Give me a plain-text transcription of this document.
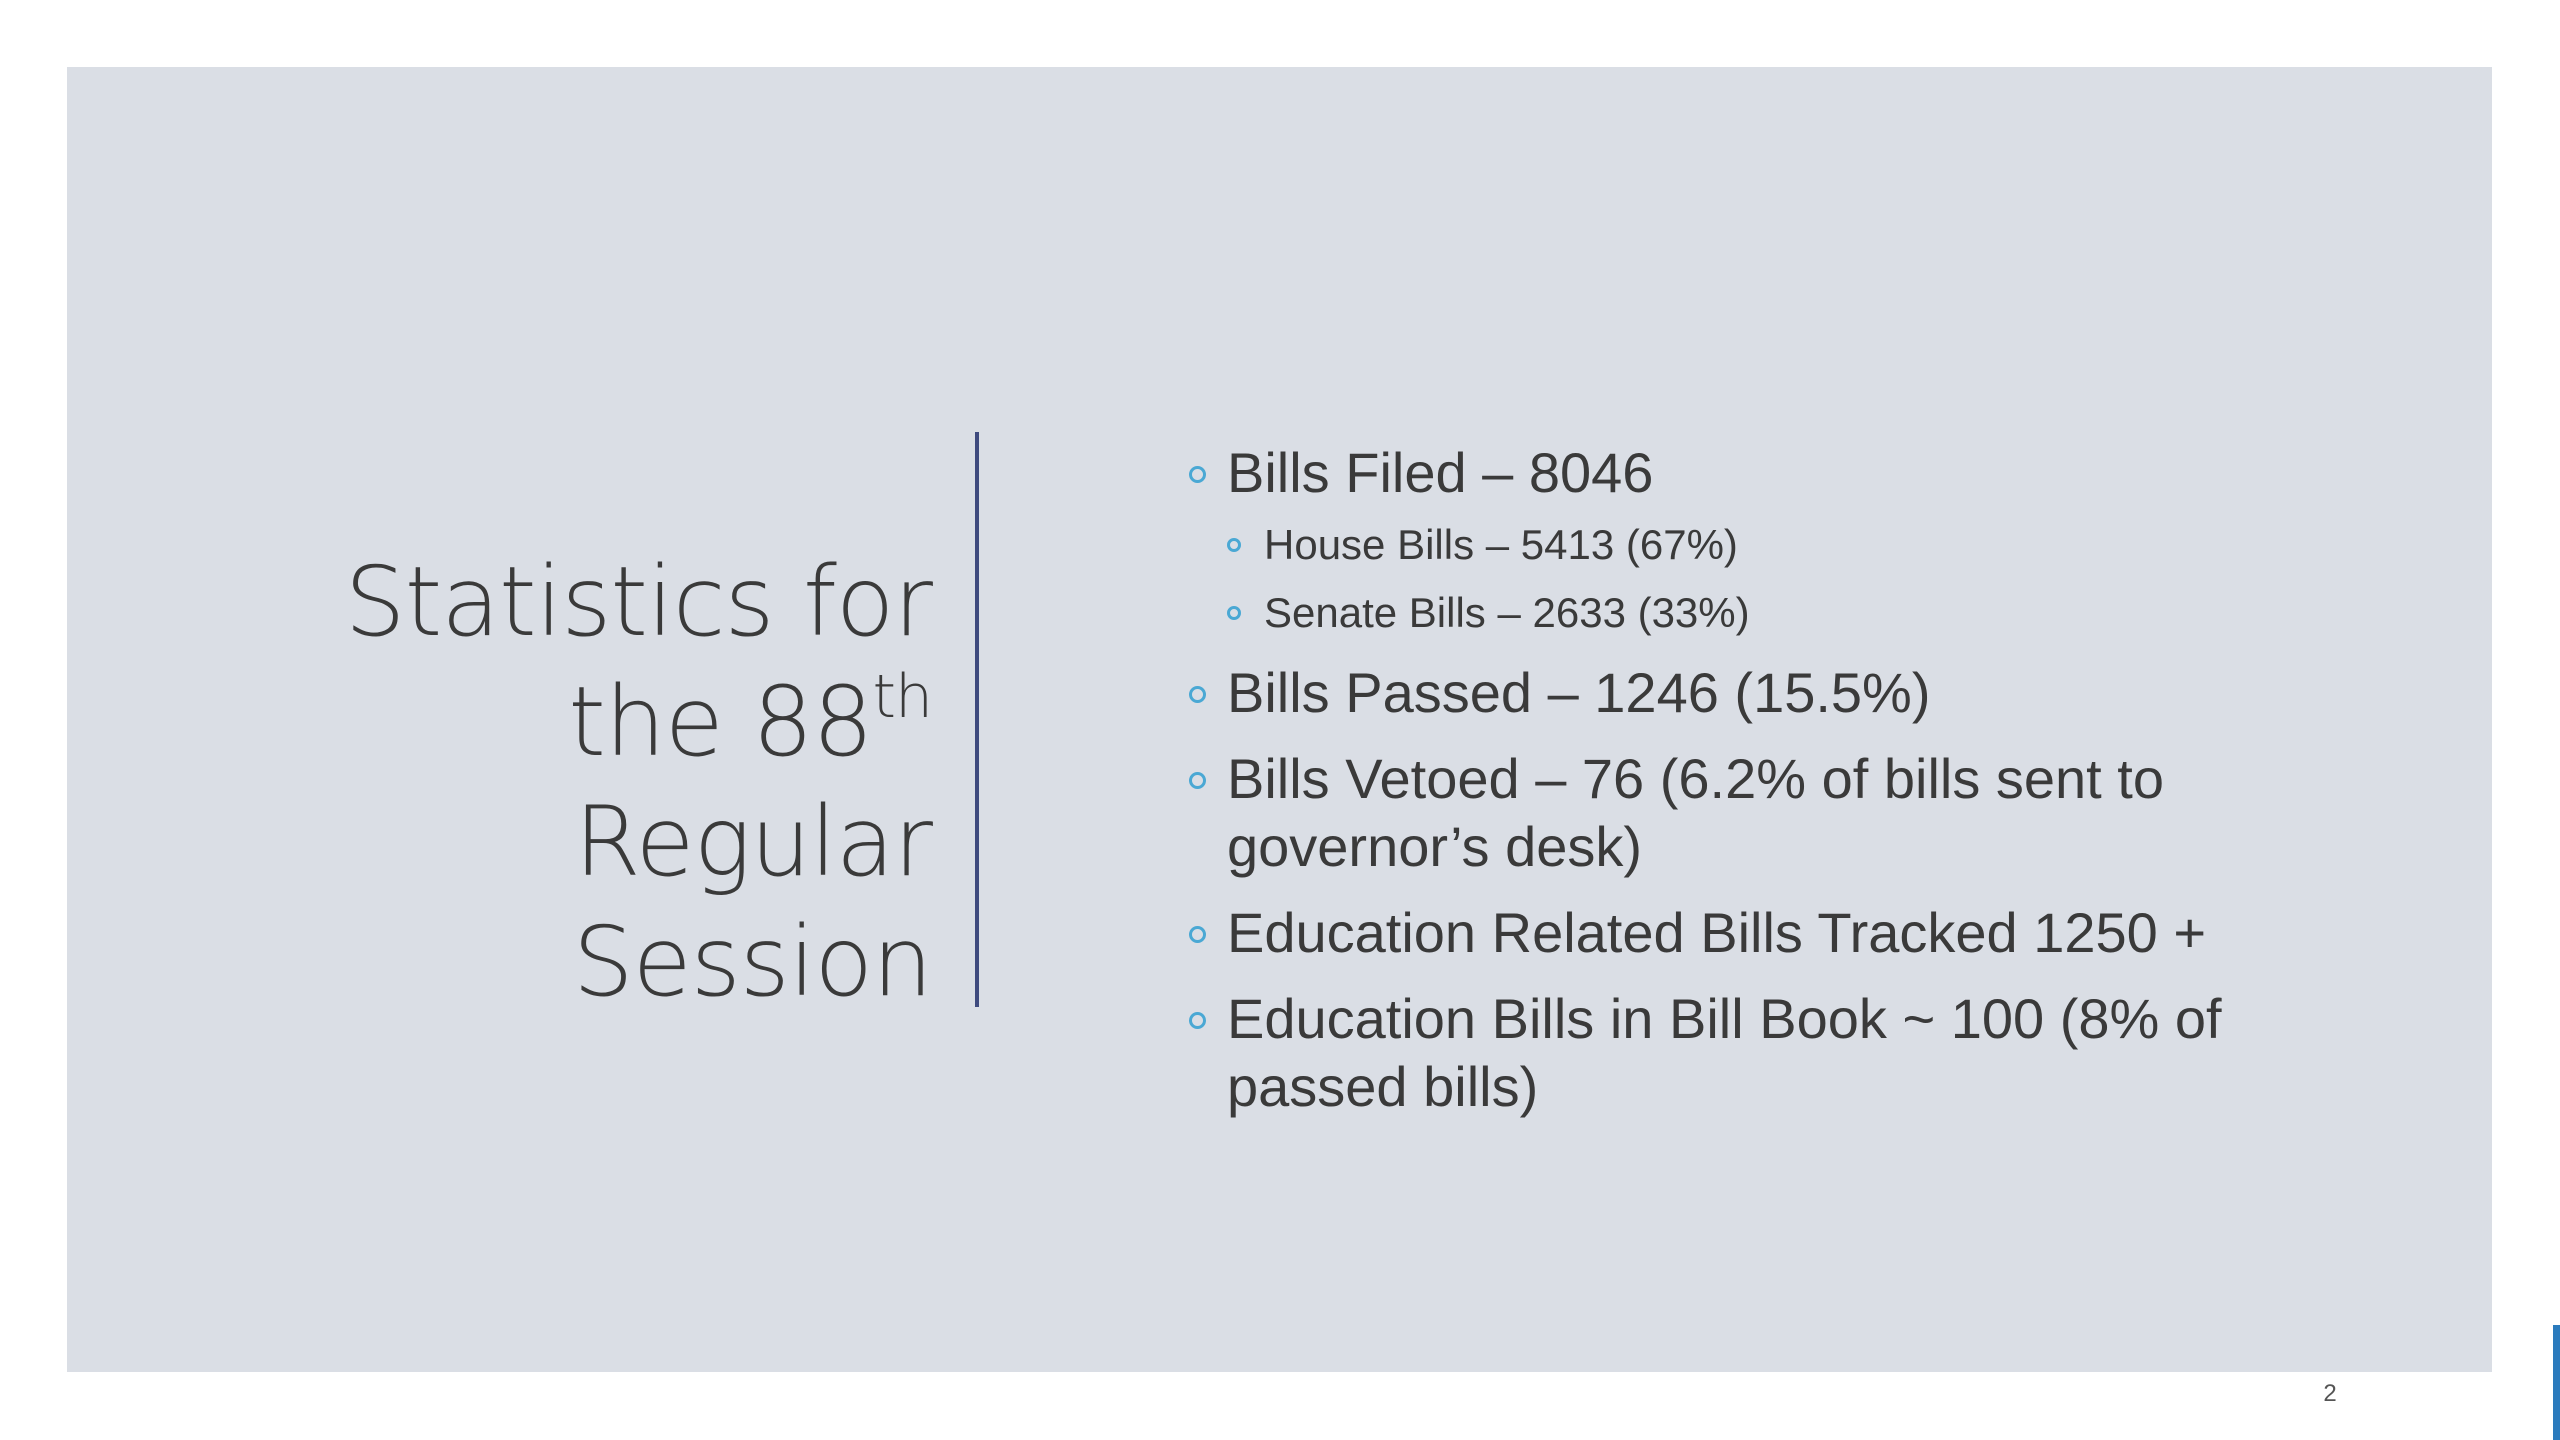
Statistics for
the 88th
Regular
Session
Bills Filed – 8046
House Bills – 5413 (67%)
Senate Bills – 2633 (33%)
Bills Passed – 1246 (15.5%)
Bills Vetoed – 76 (6.2% of bills sent to governor’s desk)
Education Related Bills Tracked 1250 +
Education Bills in Bill Book ~ 100 (8% of passed bills)
2
